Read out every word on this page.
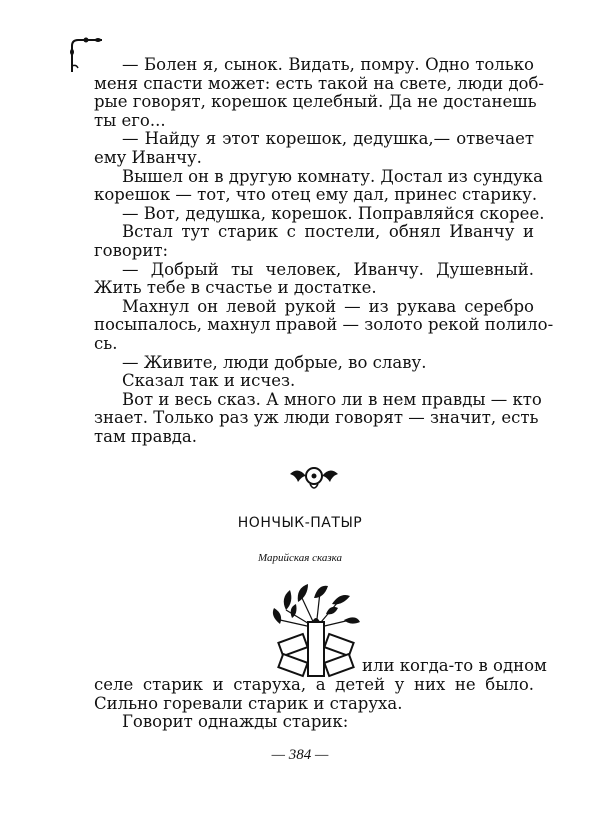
— Болен я, сынок. Видать, помру. Одно только
меня спасти может: есть такой на свете, люди доб-
рые говорят, корешок целебный. Да не достанешь
ты его...
— Найду я этот корешок, дедушка,— отвечает
ему Иванчу.
Вышел он в другую комнату. Достал из сундука
корешок — тот, что отец ему дал, принес старику.
— Вот, дедушка, корешок. Поправляйся скорее.
Встал тут старик с постели, обнял Иванчу и
говорит:
— Добрый ты человек, Иванчу. Душевный.
Жить тебе в счастье и достатке.
Махнул он левой рукой — из рукава серебро
посыпалось, махнул правой — золото рекой полило-
сь.
— Живите, люди добрые, во славу.
Сказал так и исчез.
Вот и весь сказ. А много ли в нем правды — кто
знает. Только раз уж люди говорят — значит, есть
там правда.
НОНЧЫК-ПАТЫР
Марийская сказка
или когда-то в одном
селе старик и старуха, а детей у них не было.
Сильно горевали старик и старуха.
Говорит однажды старик:
— 384 —
